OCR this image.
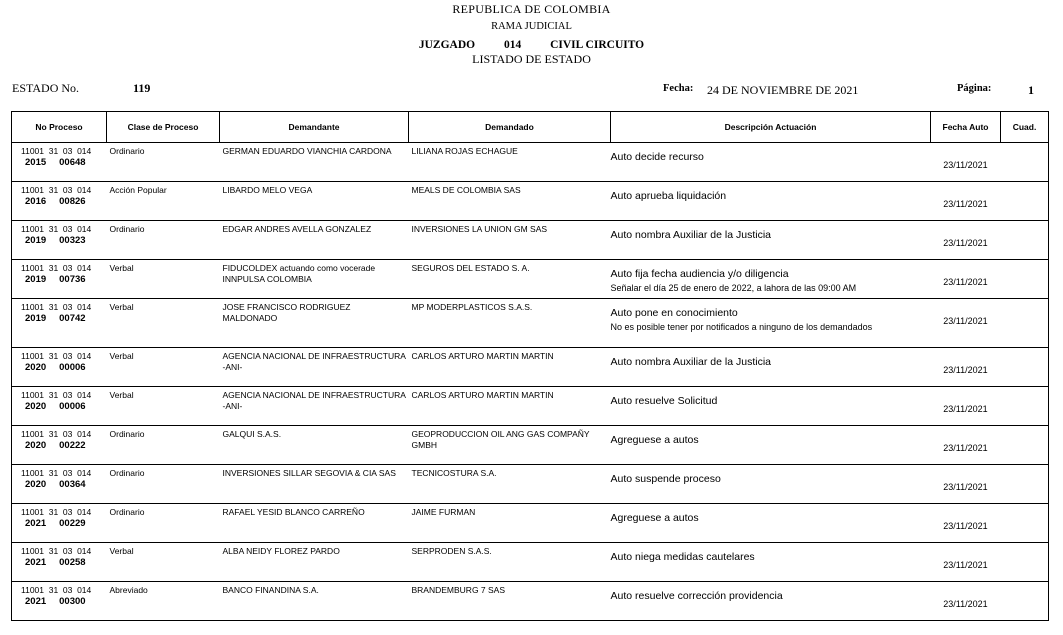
REPUBLICA DE COLOMBIA
RAMA JUDICIAL
JUZGADO	014	CIVIL CIRCUITO
LISTADO DE ESTADO
ESTADO No.	119	Fecha: 24 DE NOVIEMBRE DE 2021	Página:	1
No Proceso	Clase de Proceso	Demandante	Demandado	Descripción Actuación	Fecha Auto	Cuad.

11001  31  03  014
2015 00648	Ordinario	GERMAN EDUARDO VIANCHIA CARDONA	LILIANA ROJAS ECHAGUE	Auto decide recurso	23/11/2021	

11001  31  03  014
2016 00826	Acción Popular	LIBARDO MELO VEGA	MEALS DE COLOMBIA SAS	Auto aprueba liquidación	23/11/2021	

11001  31  03  014
2019 00323	Ordinario	EDGAR ANDRES AVELLA GONZALEZ	INVERSIONES LA UNION GM SAS	Auto nombra Auxiliar de la Justicia	23/11/2021	

11001  31  03  014
2019 00736	Verbal	FIDUCOLDEX actuando como vocerade INNPULSA COLOMBIA	SEGUROS DEL ESTADO S. A.	Auto fija fecha audiencia y/o diligencia
Señalar el día 25 de enero de 2022, a lahora de las 09:00 AM	23/11/2021	

11001  31  03  014
2019 00742	Verbal	JOSE FRANCISCO RODRIGUEZ MALDONADO	MP MODERPLASTICOS S.A.S.	Auto pone en conocimiento
No es posible tener por notificados a ninguno de los demandados	23/11/2021	

11001  31  03  014
2020 00006	Verbal	AGENCIA NACIONAL DE INFRAESTRUCTURA -ANI-	CARLOS ARTURO MARTIN MARTIN	Auto nombra Auxiliar de la Justicia	23/11/2021	

11001  31  03  014
2020 00006	Verbal	AGENCIA NACIONAL DE INFRAESTRUCTURA -ANI-	CARLOS ARTURO MARTIN MARTIN	Auto resuelve Solicitud	23/11/2021	

11001  31  03  014
2020 00222	Ordinario	GALQUI S.A.S.	GEOPRODUCCION OIL ANG GAS COMPAÑY GMBH	Agreguese a autos	23/11/2021	

11001  31  03  014
2020 00364	Ordinario	INVERSIONES SILLAR SEGOVIA & CIA SAS	TECNICOSTURA S.A.	Auto suspende proceso	23/11/2021	

11001  31  03  014
2021 00229	Ordinario	RAFAEL YESID BLANCO CARREÑO	JAIME FURMAN	Agreguese a autos	23/11/2021	

11001  31  03  014
2021 00258	Verbal	ALBA NEIDY FLOREZ PARDO	SERPRODEN S.A.S.	Auto niega medidas cautelares	23/11/2021	

11001  31  03  014
2021 00300	Abreviado	BANCO FINANDINA S.A.	BRANDEMBURG 7 SAS	Auto resuelve corrección providencia	23/11/2021	
